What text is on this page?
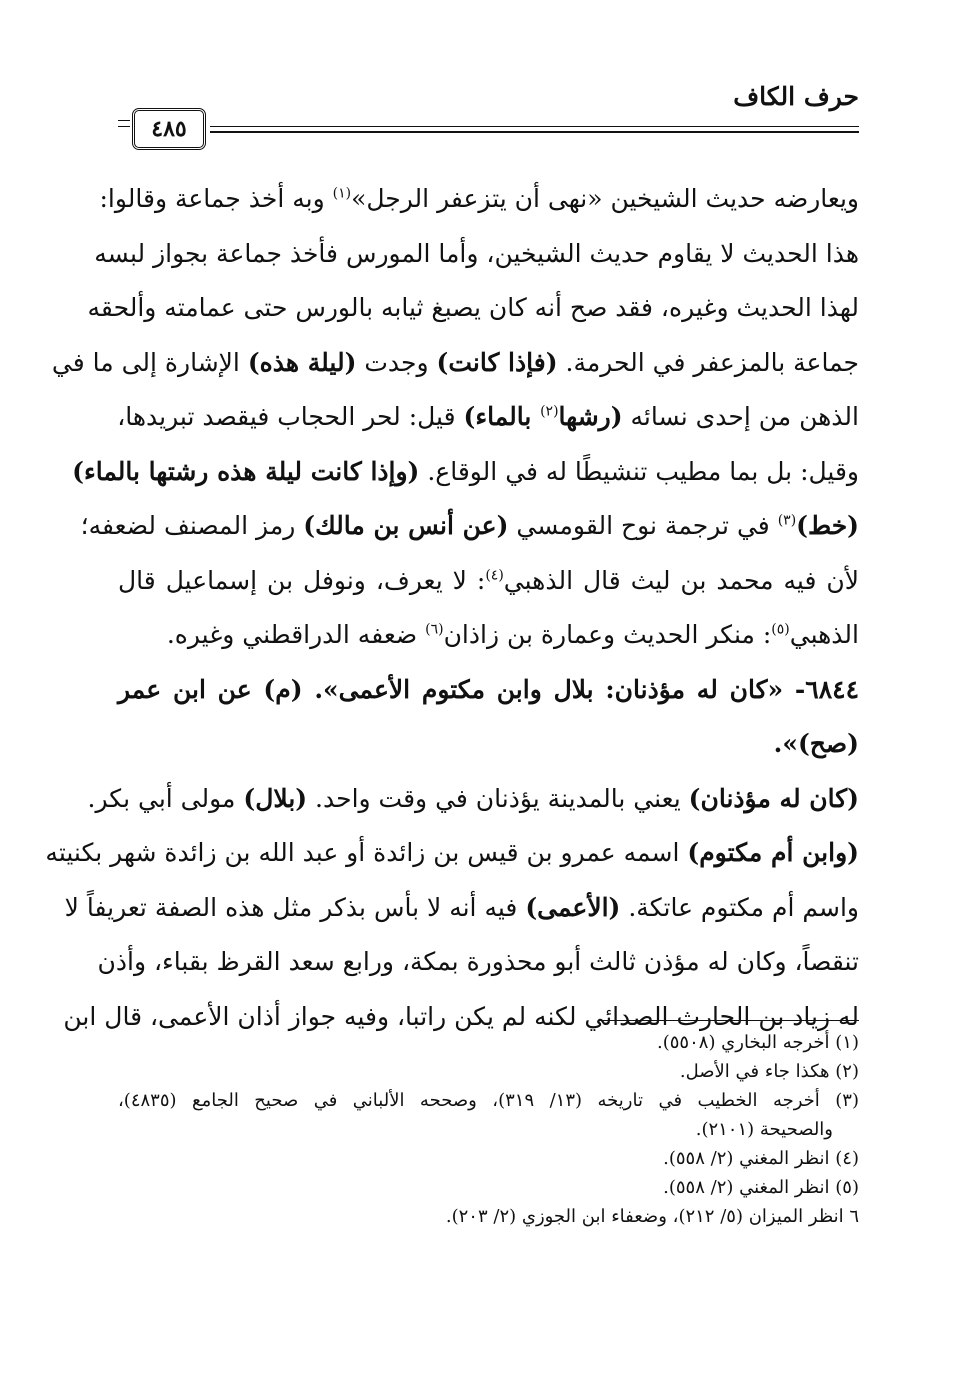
حرف الكاف
٤٨٥
ويعارضه حديث الشيخين «نهى أن يتزعفر الرجل»$^{(١)}$ وبه أخذ جماعة وقالوا:
هذا الحديث لا يقاوم حديث الشيخين، وأما المورس فأخذ جماعة بجواز لبسه
لهذا الحديث وغيره، فقد صح أنه كان يصبغ ثيابه بالورس حتى عمامته وألحقه
جماعة بالمزعفر في الحرمة. (فإذا كانت) وجدت (ليلة هذه) الإشارة إلى ما في
الذهن من إحدى نسائه (رشها$^{(٢)}$ بالماء) قيل: لحر الحجاب فيقصد تبريدها،
وقيل: بل بما مطيب تنشيطًا له في الوقاع. (وإذا كانت ليلة هذه رشتها بالماء)
(خط)$^{(٣)}$ في ترجمة نوح القومسي (عن أنس بن مالك) رمز المصنف لضعفه؛
لأن فيه محمد بن ليث قال الذهبي$^{(٤)}$: لا يعرف، ونوفل بن إسماعيل قال
الذهبي$^{(٥)}$: منكر الحديث وعمارة بن زاذان$^{(٦)}$ ضعفه الدراقطني وغيره.
٦٨٤٤- «كان له مؤذنان: بلال وابن مكتوم الأعمى». (م) عن ابن عمر
(صح)».
(كان له مؤذنان) يعني بالمدينة يؤذنان في وقت واحد. (بلال) مولى أبي بكر.
(وابن أم مكتوم) اسمه عمرو بن قيس بن زائدة أو عبد الله بن زائدة شهر بكنيته
واسم أم مكتوم عاتكة. (الأعمى) فيه أنه لا بأس بذكر مثل هذه الصفة تعريفاً لا
تنقصاً، وكان له مؤذن ثالث أبو محذورة بمكة، ورابع سعد القرظ بقباء، وأذن
له زياد بن الحارث الصدائي لكنه لم يكن راتبا، وفيه جواز أذان الأعمى، قال ابن
(١) أخرجه البخاري (٥٥٠٨).
(٢) هكذا جاء في الأصل.
(٣) أخرجه الخطيب في تاريخه (١٣/ ٣١٩)، وصححه الألباني في صحيح الجامع (٤٨٣٥)،
والصحيحة (٢١٠١).
(٤) انظر المغني (٢/ ٥٥٨).
(٥) انظر المغني (٢/ ٥٥٨).
٦ انظر الميزان (٥/ ٢١٢)، وضعفاء ابن الجوزي (٢/ ٢٠٣).
